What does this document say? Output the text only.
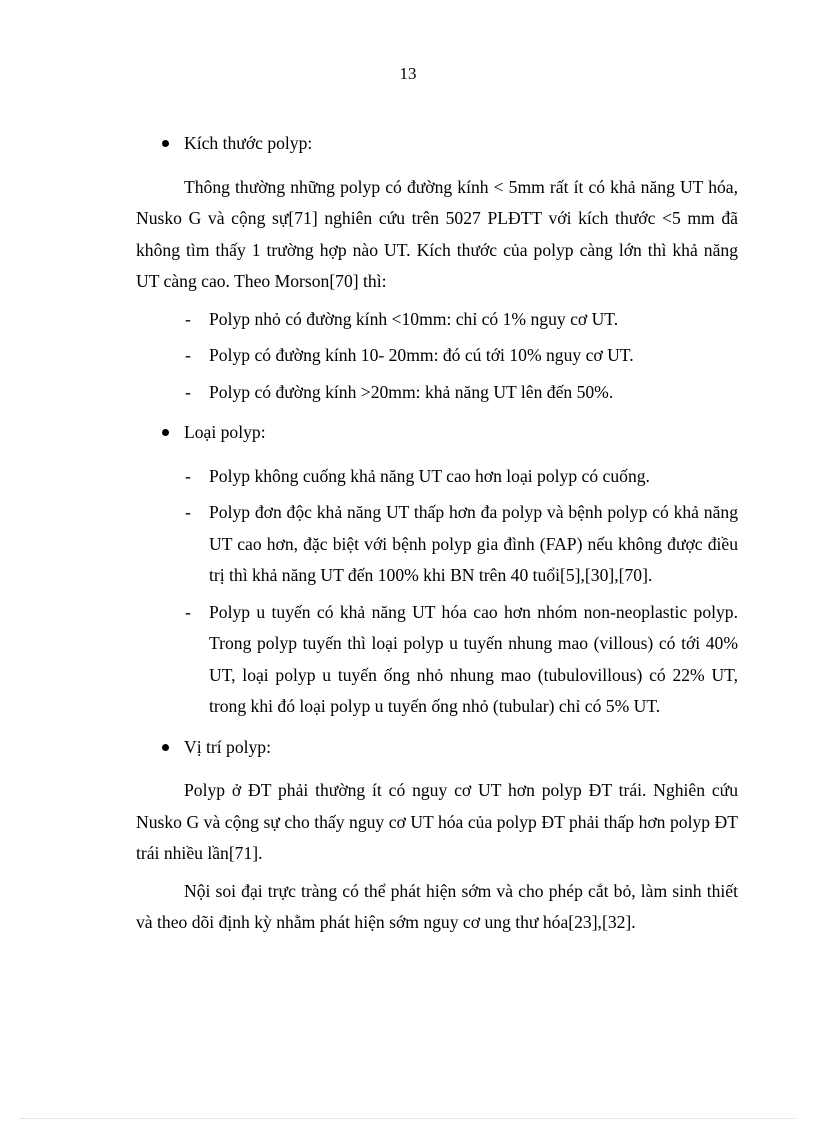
13
Kích thước polyp:

Thông thường những polyp có đường kính < 5mm rất ít có khả năng UT hóa, Nusko G và cộng sự[71] nghiên cứu trên 5027 PLĐTT với kích thước <5 mm đã không tìm thấy 1 trường hợp nào UT. Kích thước của polyp càng lớn thì khả năng UT càng cao. Theo Morson[70] thì:

- Polyp nhỏ có đường kính <10mm: chỉ có 1% nguy cơ UT.
- Polyp có đường kính 10- 20mm: đó cú tới 10% nguy cơ UT.
- Polyp có đường kính >20mm: khả năng UT lên đến 50%.
Loại polyp:
- Polyp không cuống khả năng UT cao hơn loại polyp có cuống.
- Polyp đơn độc khả năng UT thấp hơn đa polyp và bệnh polyp có khả năng UT cao hơn, đặc biệt với bệnh polyp gia đình (FAP) nếu không được điều trị thì khả năng UT đến 100% khi BN trên 40 tuổi[5],[30],[70].
- Polyp u tuyến có khả năng UT hóa cao hơn nhóm non-neoplastic polyp. Trong polyp tuyến thì loại polyp u tuyến nhung mao (villous) có tới 40% UT, loại polyp u tuyến ống nhỏ nhung mao (tubulovillous) có 22% UT, trong khi đó loại polyp u tuyến ống nhỏ (tubular) chỉ có 5% UT.
Vị trí polyp:

Polyp ở ĐT phải thường ít có nguy cơ UT hơn polyp ĐT trái. Nghiên cứu Nusko G và cộng sự cho thấy nguy cơ UT hóa của polyp ĐT phải thấp hơn polyp ĐT trái nhiều lần[71].

Nội soi đại trực tràng có thể phát hiện sớm và cho phép cắt bỏ, làm sinh thiết và theo dõi định kỳ nhằm phát hiện sớm nguy cơ ung thư hóa[23],[32].
